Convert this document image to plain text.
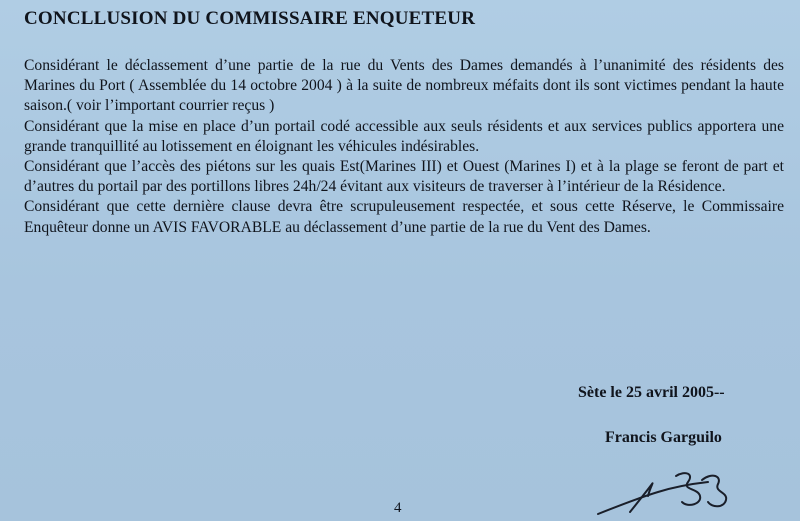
CONCLLUSION DU COMMISSAIRE ENQUETEUR

Considérant le déclassement d’une partie de la rue du Vents des Dames demandés à l’unanimité des résidents des Marines du Port ( Assemblée du 14 octobre 2004 ) à la suite de nombreux méfaits dont ils sont victimes pendant la haute saison.( voir l’important courrier reçus )

Considérant que la mise en place d’un portail codé accessible aux seuls résidents et aux services publics apportera une grande tranquillité au lotissement en éloignant les véhicules indésirables.

Considérant que l’accès des piétons sur les quais Est(Marines III) et Ouest (Marines I) et à la plage se feront de part et d’autres du portail par des portillons libres 24h/24 évitant aux visiteurs de traverser à l’intérieur de la Résidence.

Considérant que cette dernière clause devra être scrupuleusement respectée, et sous cette Réserve, le Commissaire Enquêteur donne un AVIS FAVORABLE au déclassement d’une partie de la rue du Vent des Dames.

Sète le 25 avril 2005--
Francis Garguilo
4
